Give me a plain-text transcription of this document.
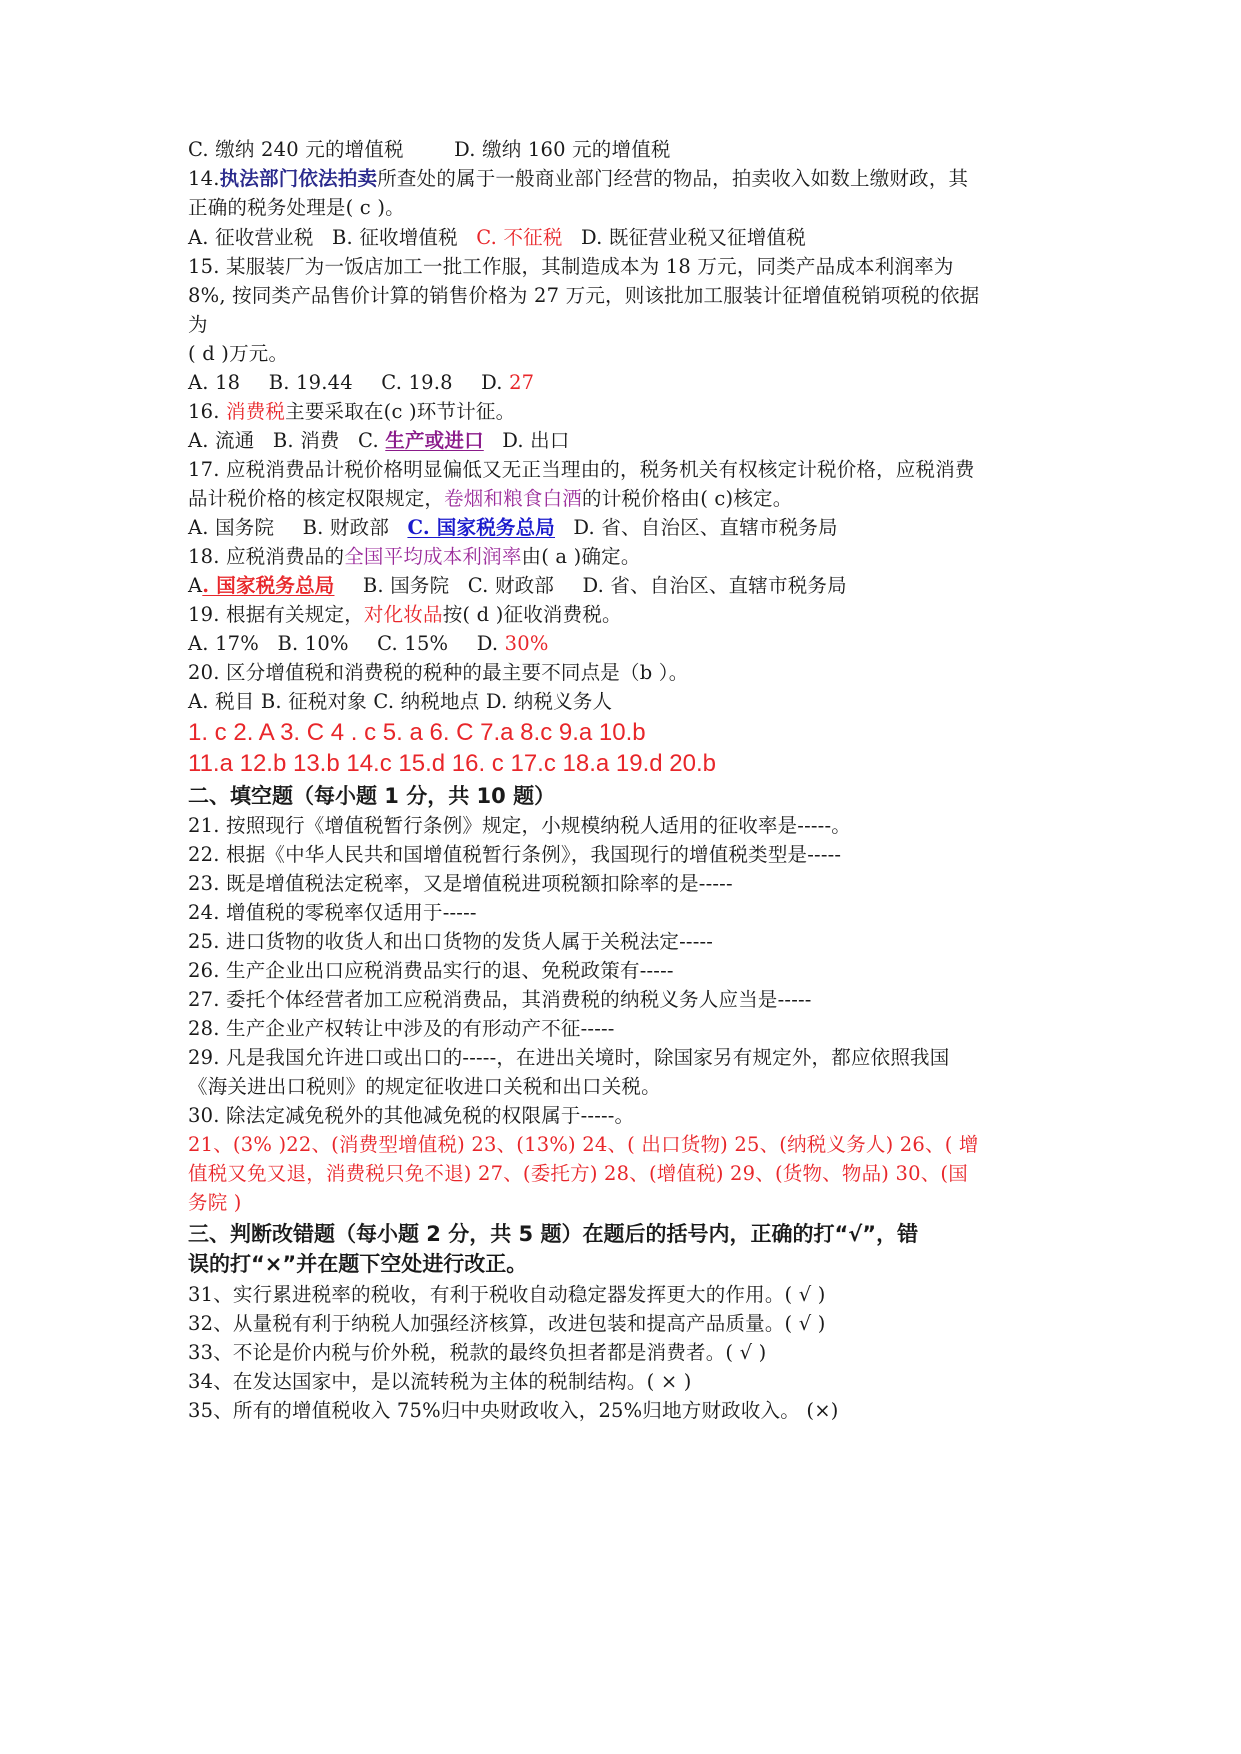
C. 缴纳 240 元的增值税	D. 缴纳 160 元的增值税
14.执法部门依法拍卖所查处的属于一般商业部门经营的物品，拍卖收入如数上缴财政，其
正确的税务处理是( c )。
A. 征收营业税 B. 征收增值税 C. 不征税 D. 既征营业税又征增值税
15. 某服装厂为一饭店加工一批工作服，其制造成本为 18 万元，同类产品成本利润率为
8%, 按同类产品售价计算的销售价格为 27 万元，则该批加工服装计征增值税销项税的依据
为
( d )万元。
A. 18 B. 19.44 C. 19.8 D. 27
16. 消费税主要采取在(c )环节计征。
A. 流通 B. 消费 C. 生产或进口 D. 出口
17. 应税消费品计税价格明显偏低又无正当理由的，税务机关有权核定计税价格，应税消费
品计税价格的核定权限规定，卷烟和粮食白酒的计税价格由( c)核定。
A. 国务院 B. 财政部 C. 国家税务总局 D. 省、自治区、直辖市税务局
18. 应税消费品的全国平均成本利润率由( a )确定。
A. 国家税务总局 B. 国务院 C. 财政部 D. 省、自治区、直辖市税务局
19. 根据有关规定，对化妆品按( d )征收消费税。
A. 17% B. 10% C. 15% D. 30%
20. 区分增值税和消费税的税种的最主要不同点是（b ）。
A. 税目 B. 征税对象 C. 纳税地点 D. 纳税义务人
1. c 2. A 3. C 4 . c 5. a 6. C 7.a 8.c 9.a 10.b
11.a 12.b 13.b 14.c 15.d 16. c 17.c 18.a 19.d 20.b
二、填空题（每小题 1 分，共 10 题）
21. 按照现行《增值税暂行条例》规定，小规模纳税人适用的征收率是-----。
22. 根据《中华人民共和国增值税暂行条例》，我国现行的增值税类型是-----
23. 既是增值税法定税率，又是增值税进项税额扣除率的是-----
24. 增值税的零税率仅适用于-----
25. 进口货物的收货人和出口货物的发货人属于关税法定-----
26. 生产企业出口应税消费品实行的退、免税政策有-----
27. 委托个体经营者加工应税消费品，其消费税的纳税义务人应当是-----
28. 生产企业产权转让中涉及的有形动产不征-----
29. 凡是我国允许进口或出口的-----，在进出关境时，除国家另有规定外，都应依照我国
《海关进出口税则》的规定征收进口关税和出口关税。
30. 除法定减免税外的其他减免税的权限属于-----。
21、(3% )22、(消费型增值税) 23、(13%) 24、( 出口货物) 25、(纳税义务人) 26、( 增
值税又免又退，消费税只免不退) 27、(委托方) 28、(增值税) 29、(货物、物品) 30、(国
务院 )
三、判断改错题（每小题 2 分，共 5 题）在题后的括号内，正确的打“√”，错
误的打“×”并在题下空处进行改正。
31、实行累进税率的税收，有利于税收自动稳定器发挥更大的作用。( √ )
32、从量税有利于纳税人加强经济核算，改进包装和提高产品质量。( √ )
33、不论是价内税与价外税，税款的最终负担者都是消费者。( √ )
34、在发达国家中，是以流转税为主体的税制结构。( × )
35、所有的增值税收入 75%归中央财政收入，25%归地方财政收入。 (×)
